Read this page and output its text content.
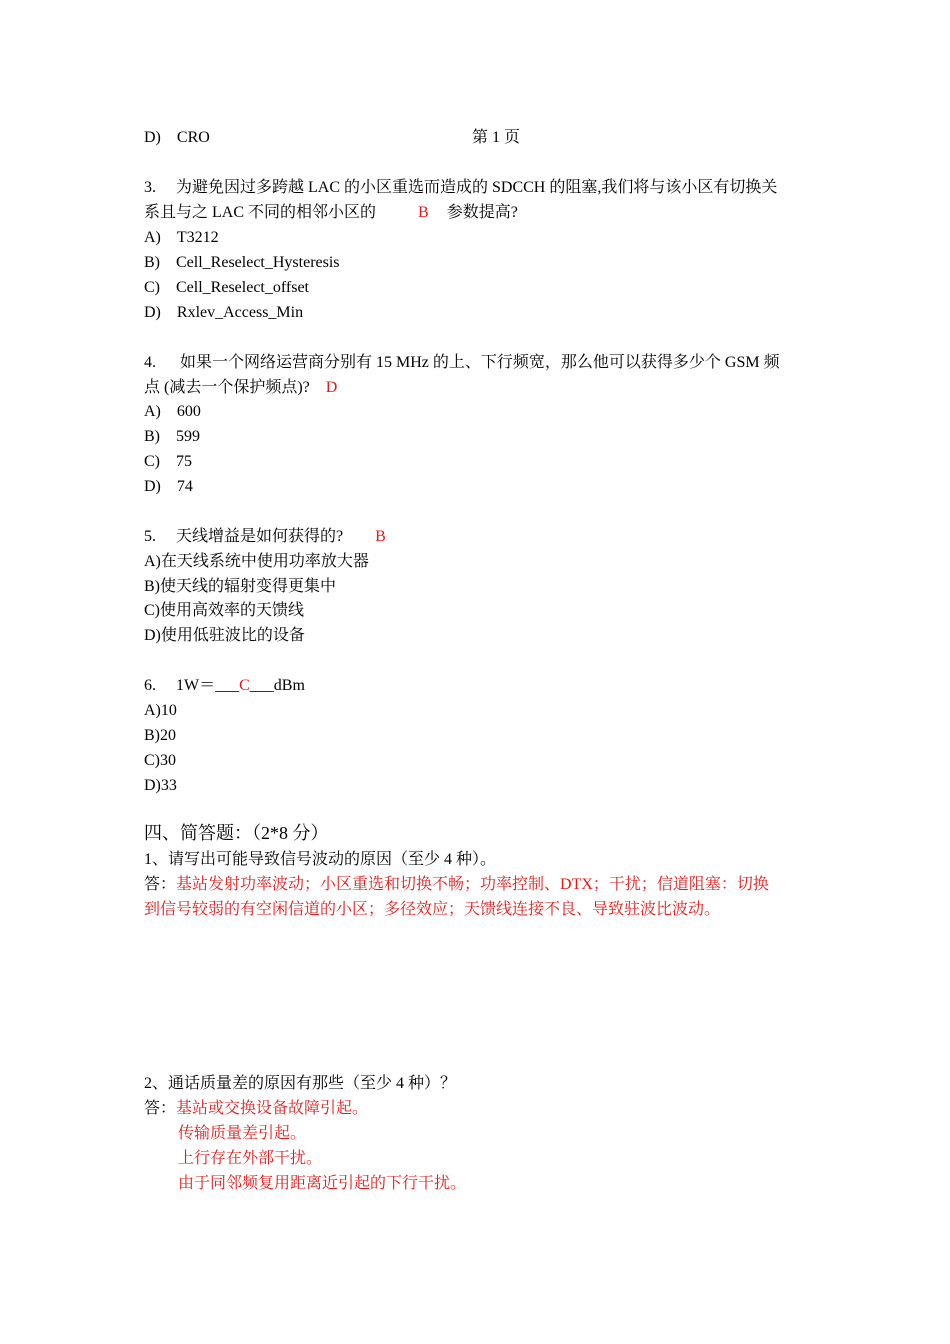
D) CRO	第 1 页
3. 为避免因过多跨越 LAC 的小区重选而造成的 SDCCH 的阻塞,我们将与该小区有切换关
系且与之 LAC 不同的相邻小区的	B 参数提高?
A) T3212
B) Cell_Reselect_Hysteresis
C) Cell_Reselect_offset
D) Rxlev_Access_Min
4. 如果一个网络运营商分别有 15 MHz 的上、下行频宽，那么他可以获得多少个 GSM 频
点 (减去一个保护频点)? D
A) 600
B) 599
C) 75
D) 74
5. 天线增益是如何获得的? B
A)在天线系统中使用功率放大器
B)使天线的辐射变得更集中
C)使用高效率的天馈线
D)使用低驻波比的设备
6. 1W＝___C___dBm
A)10
B)20
C)30
D)33
四、简答题：（2*8 分）
1、请写出可能导致信号波动的原因（至少 4 种）。
答：基站发射功率波动；小区重选和切换不畅；功率控制、DTX；干扰；信道阻塞：切换
到信号较弱的有空闲信道的小区；多径效应；天馈线连接不良、导致驻波比波动。
2、通话质量差的原因有那些（至少 4 种）？
答：基站或交换设备故障引起。
传输质量差引起。
上行存在外部干扰。
由于同邻频复用距离近引起的下行干扰。
